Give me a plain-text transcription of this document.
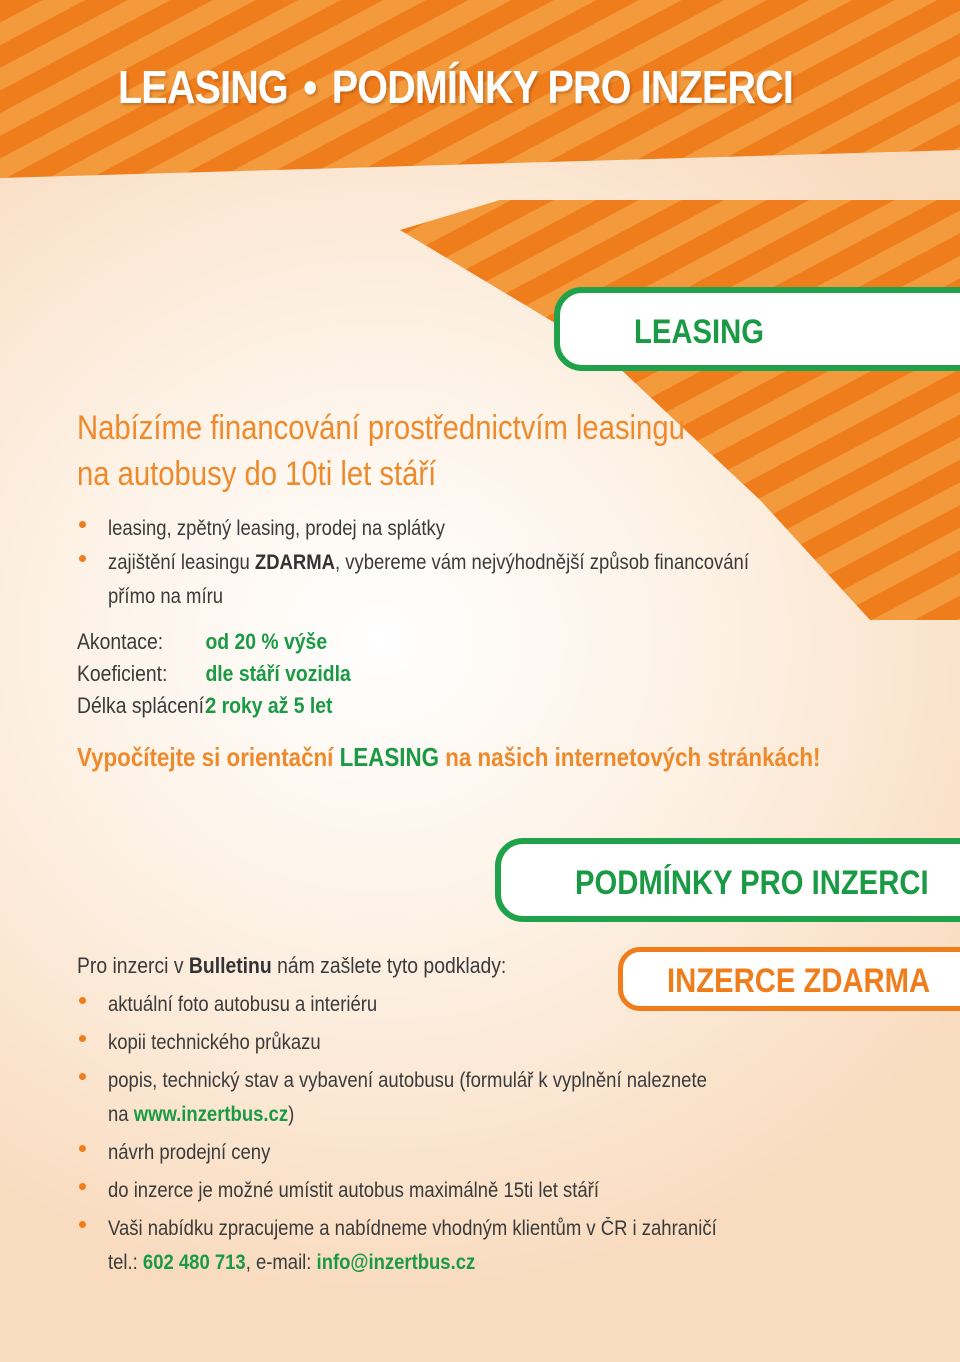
LEASING • PODMÍNKY PRO INZERCI
LEASING
Nabízíme financování prostřednictvím leasingu
na autobusy do 10ti let stáří
leasing, zpětný leasing, prodej na splátky
zajištění leasingu ZDARMA, vybereme vám nejvýhodnější způsob financování
přímo na míru
Akontace: od 20 % výše
Koeficient: dle stáří vozidla
Délka splácení:
2 roky až 5 let
Vypočítejte si orientační LEASING na našich internetových stránkách!
PODMÍNKY PRO INZERCI
INZERCE ZDARMA
Pro inzerci v Bulletinu nám zašlete tyto podklady:
aktuální foto autobusu a interiéru
kopii technického průkazu
popis, technický stav a vybavení autobusu (formulář k vyplnění naleznete
na www.inzertbus.cz)
návrh prodejní ceny
do inzerce je možné umístit autobus maximálně 15ti let stáří
Vaši nabídku zpracujeme a nabídneme vhodným klientům v ČR i zahraničí
tel.: 602 480 713, e-mail: info@inzertbus.cz
